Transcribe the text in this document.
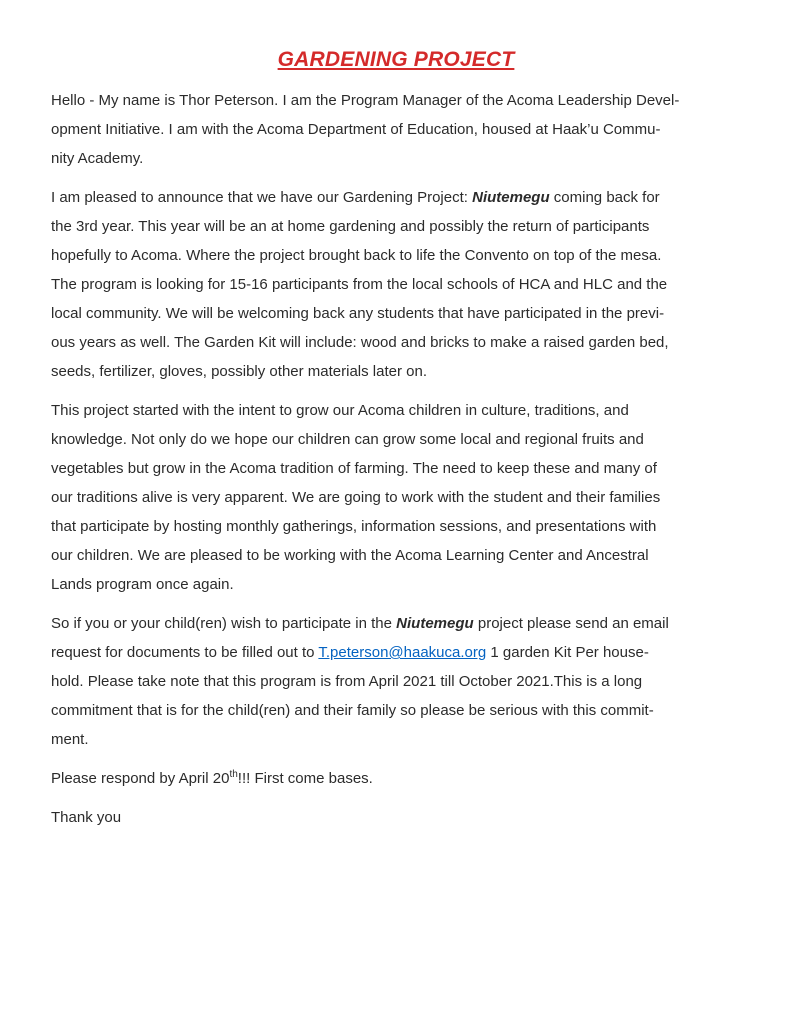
GARDENING PROJECT

Hello - My name is Thor Peterson. I am the Program Manager of the Acoma Leadership Devel-
opment Initiative. I am with the Acoma Department of Education, housed at Haak’u Commu-
nity Academy.

I am pleased to announce that we have our Gardening Project: Niutemegu coming back for
the 3rd year. This year will be an at home gardening and possibly the return of participants
hopefully to Acoma. Where the project brought back to life the Convento on top of the mesa.
The program is looking for 15-16 participants from the local schools of HCA and HLC and the
local community. We will be welcoming back any students that have participated in the previ-
ous years as well. The Garden Kit will include: wood and bricks to make a raised garden bed,
seeds, fertilizer, gloves, possibly other materials later on.

This project started with the intent to grow our Acoma children in culture, traditions, and
knowledge. Not only do we hope our children can grow some local and regional fruits and
vegetables but grow in the Acoma tradition of farming. The need to keep these and many of
our traditions alive is very apparent. We are going to work with the student and their families
that participate by hosting monthly gatherings, information sessions, and presentations with
our children. We are pleased to be working with the Acoma Learning Center and Ancestral
Lands program once again.

So if you or your child(ren) wish to participate in the Niutemegu project please send an email
request for documents to be filled out to T.peterson@haakuca.org 1 garden Kit Per house-
hold. Please take note that this program is from April 2021 till October 2021.This is a long
commitment that is for the child(ren) and their family so please be serious with this commit-
ment.

Please respond by April 20th!!! First come bases.

Thank you
